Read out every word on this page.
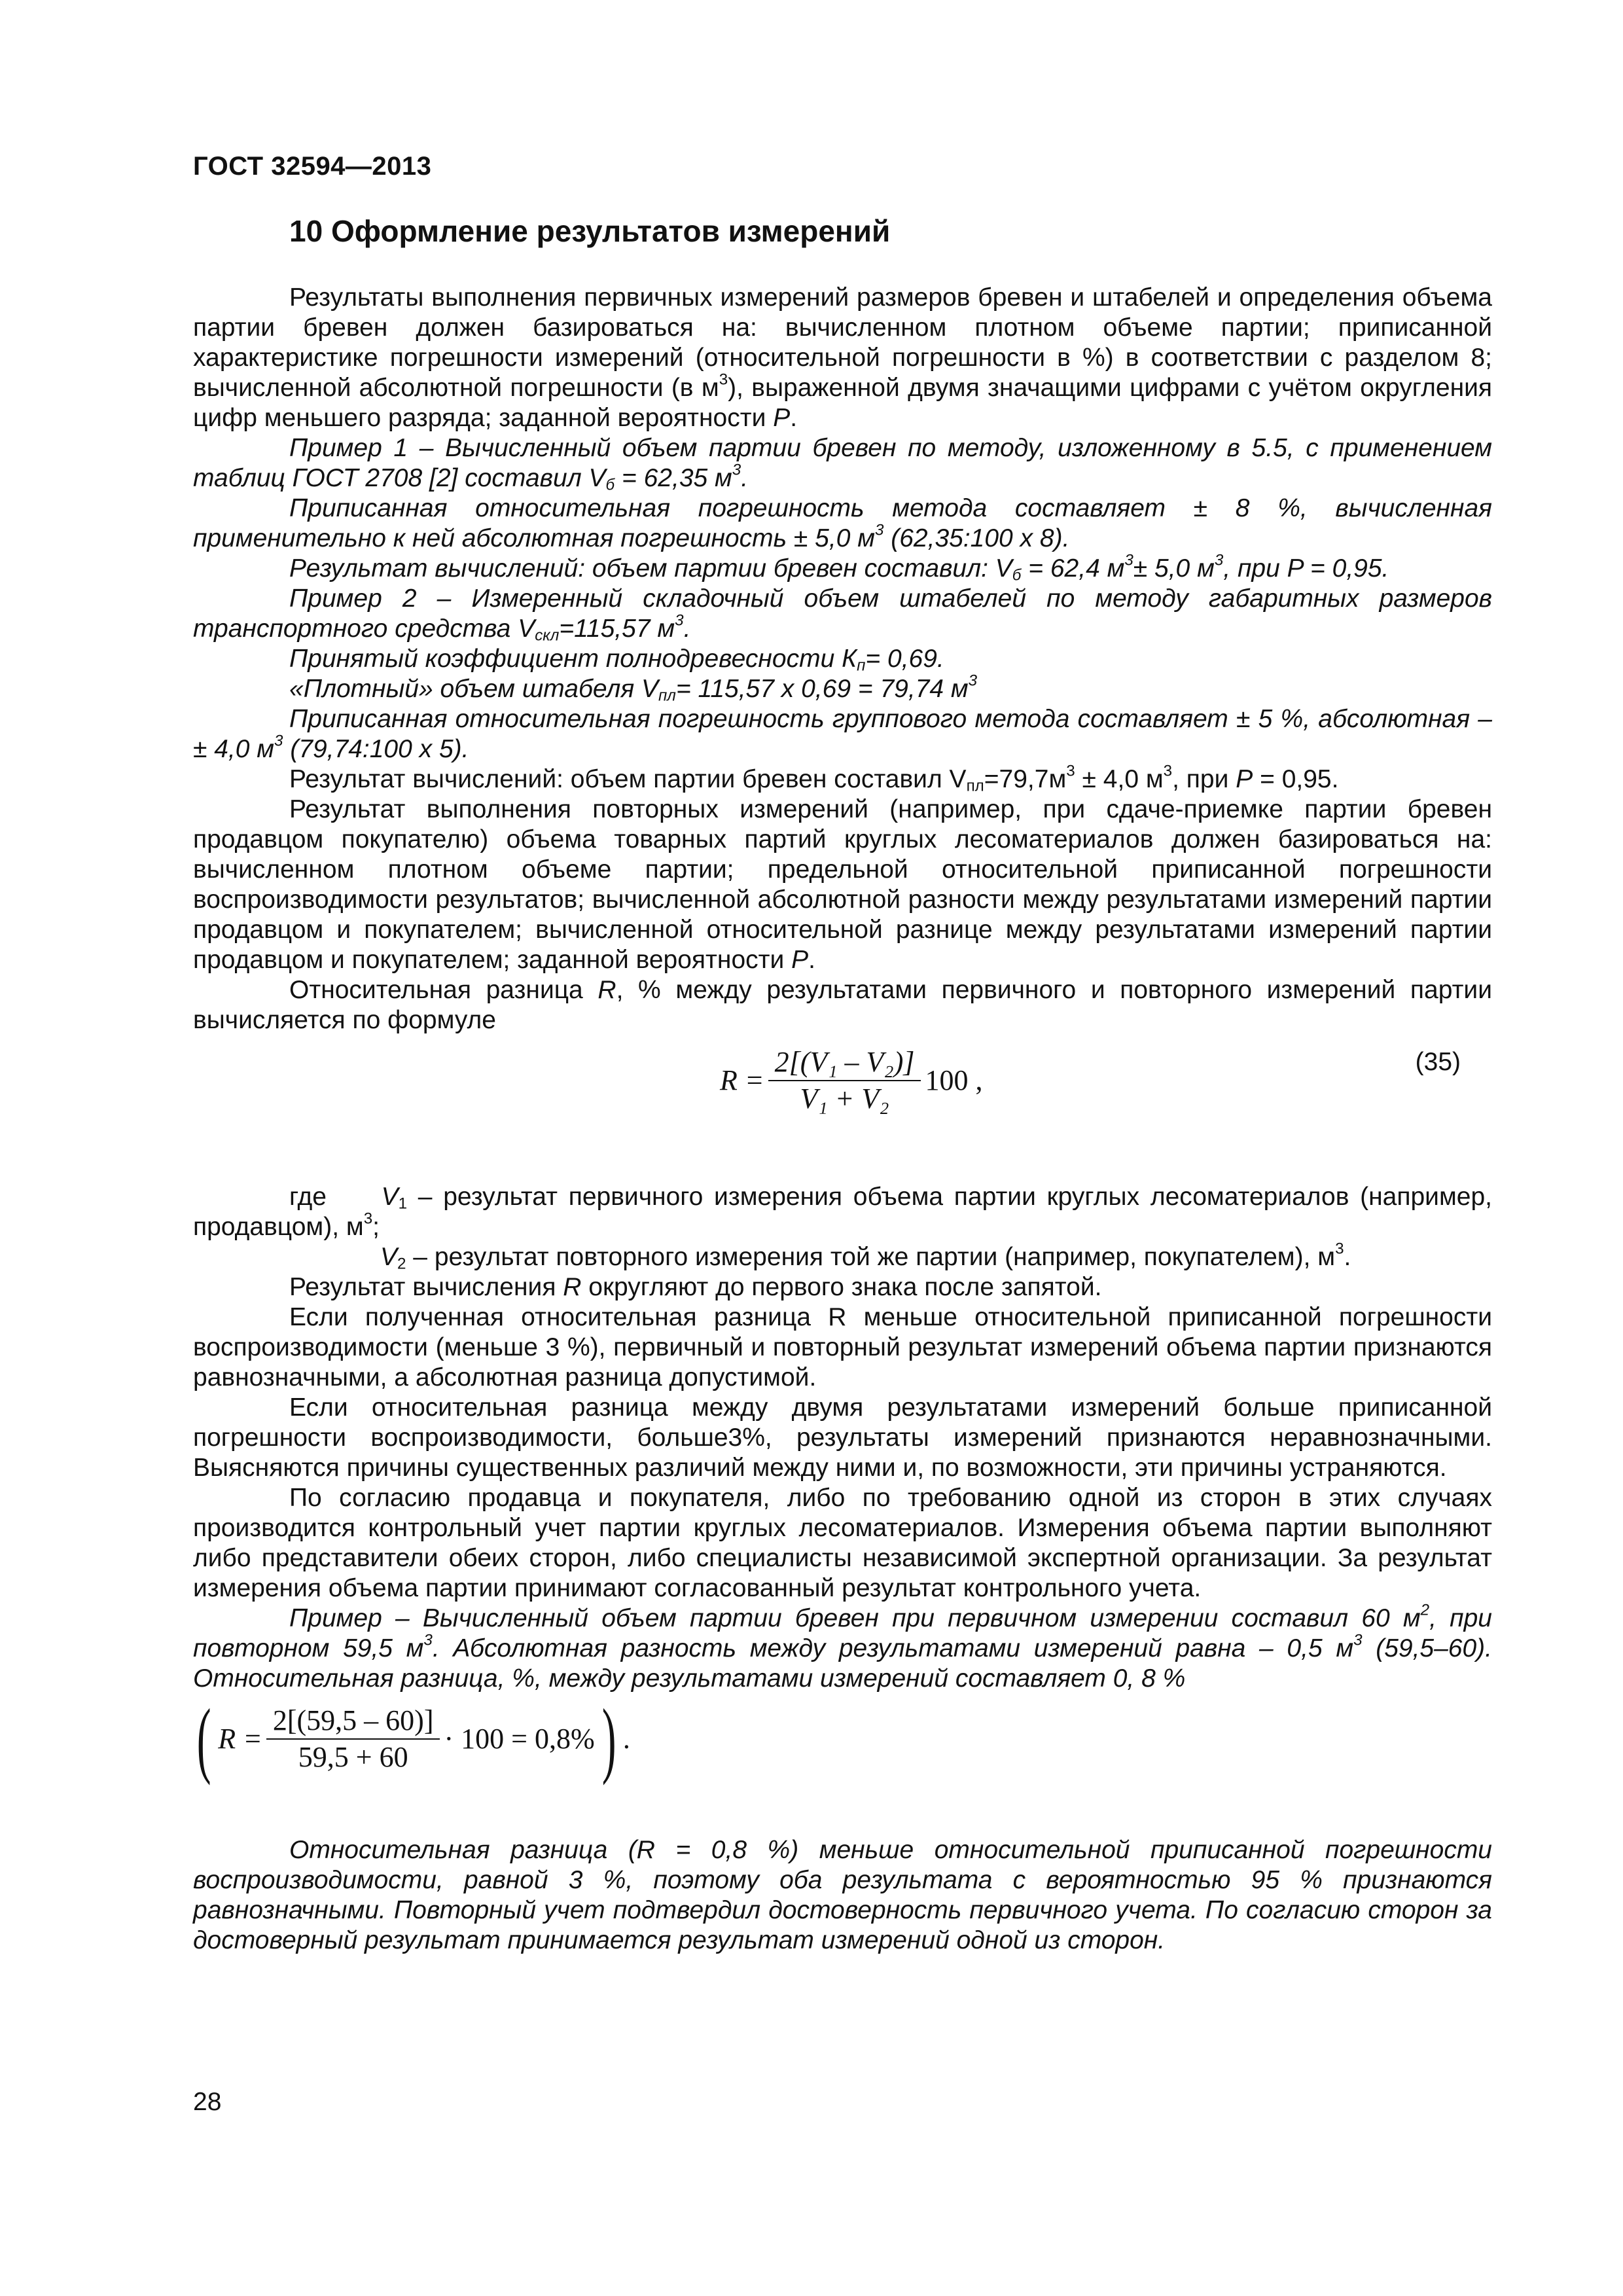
ГОСТ 32594—2013
10 Оформление результатов измерений

Результаты выполнения первичных измерений размеров бревен и штабелей и определения объема партии бревен должен базироваться на: вычисленном плотном объеме партии; приписанной характеристике погрешности измерений (относительной погрешности в %) в соответствии с разделом 8; вычисленной абсолютной погрешности (в $м^3$), выраженной двумя значащими цифрами с учётом округления цифр меньшего разряда; заданной вероятности P.

Пример 1 – Вычисленный объем партии бревен по методу, изложенному в 5.5, с применением таблиц ГОСТ 2708 [2] составил $V_б = 62,35$ $м^3$.

Приписанная относительная погрешность метода составляет ± 8 %, вычисленная применительно к ней абсолютная погрешность ± 5,0 $м^3$ (62,35:100 x 8).

Результат вычислений: объем партии бревен составил: $V_б = 62,4$ $м^3\pm 5,0$ $м^3$, при P = 0,95.

Пример 2 – Измеренный складочный объем штабелей по методу габаритных размеров транспортного средства $V_{скл}=115,57$ $м^3$.

Принятый коэффициент полнодревесности $К_п= 0,69$.

«Плотный» объем штабеля $V_{пл}= 115,57$ x 0,69 = 79,74 $м^3$

Приписанная относительная погрешность группового метода составляет ± 5 %, абсолютная – ± 4,0 $м^3$ (79,74:100 x 5).

Результат вычислений: объем партии бревен составил $V_{пл}=79,7м^3 \pm 4,0$ $м^3$, при P = 0,95.

Результат выполнения повторных измерений (например, при сдаче-приемке партии бревен продавцом покупателю) объема товарных партий круглых лесоматериалов должен базироваться на: вычисленном плотном объеме партии; предельной относительной приписанной погрешности воспроизводимости результатов; вычисленной абсолютной разности между результатами измерений партии продавцом и покупателем; вычисленной относительной разнице между результатами измерений партии продавцом и покупателем; заданной вероятности P.

Относительная разница R, % между результатами первичного и повторного измерений партии вычисляется по формуле

$R = \frac{\text{2[(V₁ – V₂)]}}{\text{V₁ + V₂}} 100$ ,
(35)

где $V_1$ – результат первичного измерения объема партии круглых лесоматериалов (например, продавцом), $м^3$;

$V_2$ – результат повторного измерения той же партии (например, покупателем), $м^3$.

Результат вычисления R округляют до первого знака после запятой.

Если полученная относительная разница R меньше относительной приписанной погрешности воспроизводимости (меньше 3 %), первичный и повторный результат измерений объема партии признаются равнозначными, а абсолютная разница допустимой.

Если относительная разница между двумя результатами измерений больше приписанной погрешности воспроизводимости, больше3%, результаты измерений признаются неравнозначными. Выясняются причины существенных различий между ними и, по возможности, эти причины устраняются.

По согласию продавца и покупателя, либо по требованию одной из сторон в этих случаях производится контрольный учет партии круглых лесоматериалов. Измерения объема партии выполняют либо представители обеих сторон, либо специалисты независимой экспертной организации. За результат измерения объема партии принимают согласованный результат контрольного учета.

Пример – Вычисленный объем партии бревен при первичном измерении составил 60 $м^2$, при повторном 59,5 $м^3$. Абсолютная разность между результатами измерений равна – 0,5 $м^3$ (59,5–60). Относительная разница, %, между результатами измерений составляет 0, 8 %

( $R = \frac{2[(59,5 - 60)]}{59,5 + 60} \cdot 100 = 0,8\%$ ) .

Относительная разница (R = 0,8 %) меньше относительной приписанной погрешности воспроизводимости, равной 3 %, поэтому оба результата с вероятностью 95 % признаются равнозначными. Повторный учет подтвердил достоверность первичного учета. По согласию сторон за достоверный результат принимается результат измерений одной из сторон.

28
